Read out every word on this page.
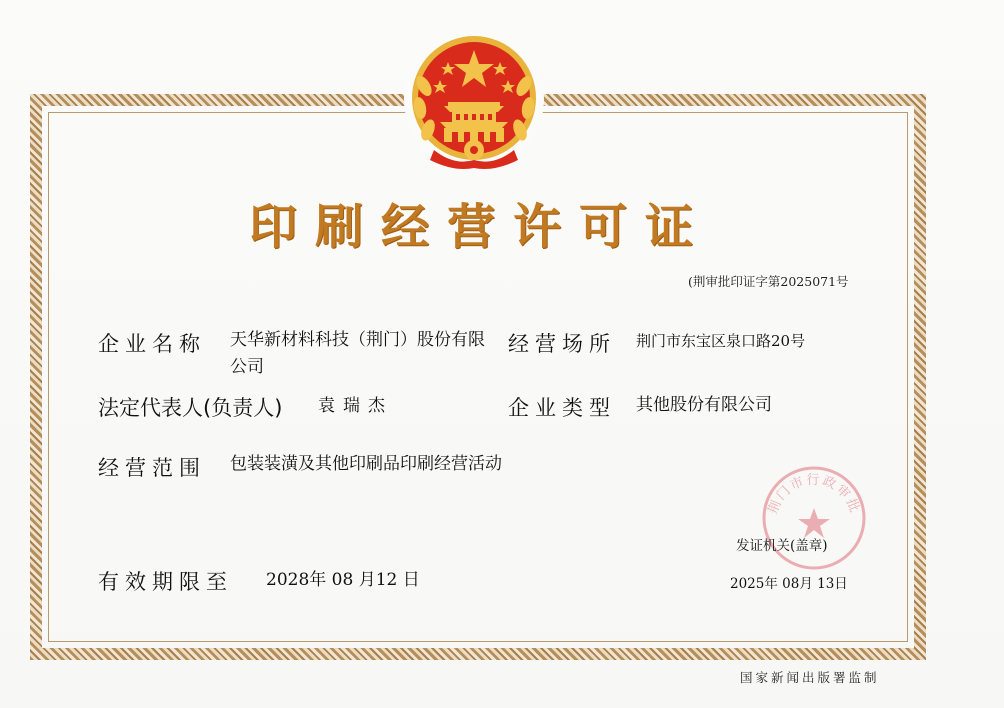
印刷经营许可证
(荆审批印证字第2025071号
企业名称 天华新材料科技（荆门）股份有限公司
经营场所 荆门市东宝区泉口路20号
法定代表人(负责人) 袁瑞杰	企业类型 其他股份有限公司
经营范围 包装装潢及其他印刷品印刷经营活动
有效期限至 2028年 08 月12 日
荆门市行政审批
发证机关(盖章)
2025年 08月 13日
国家新闻出版署监制
